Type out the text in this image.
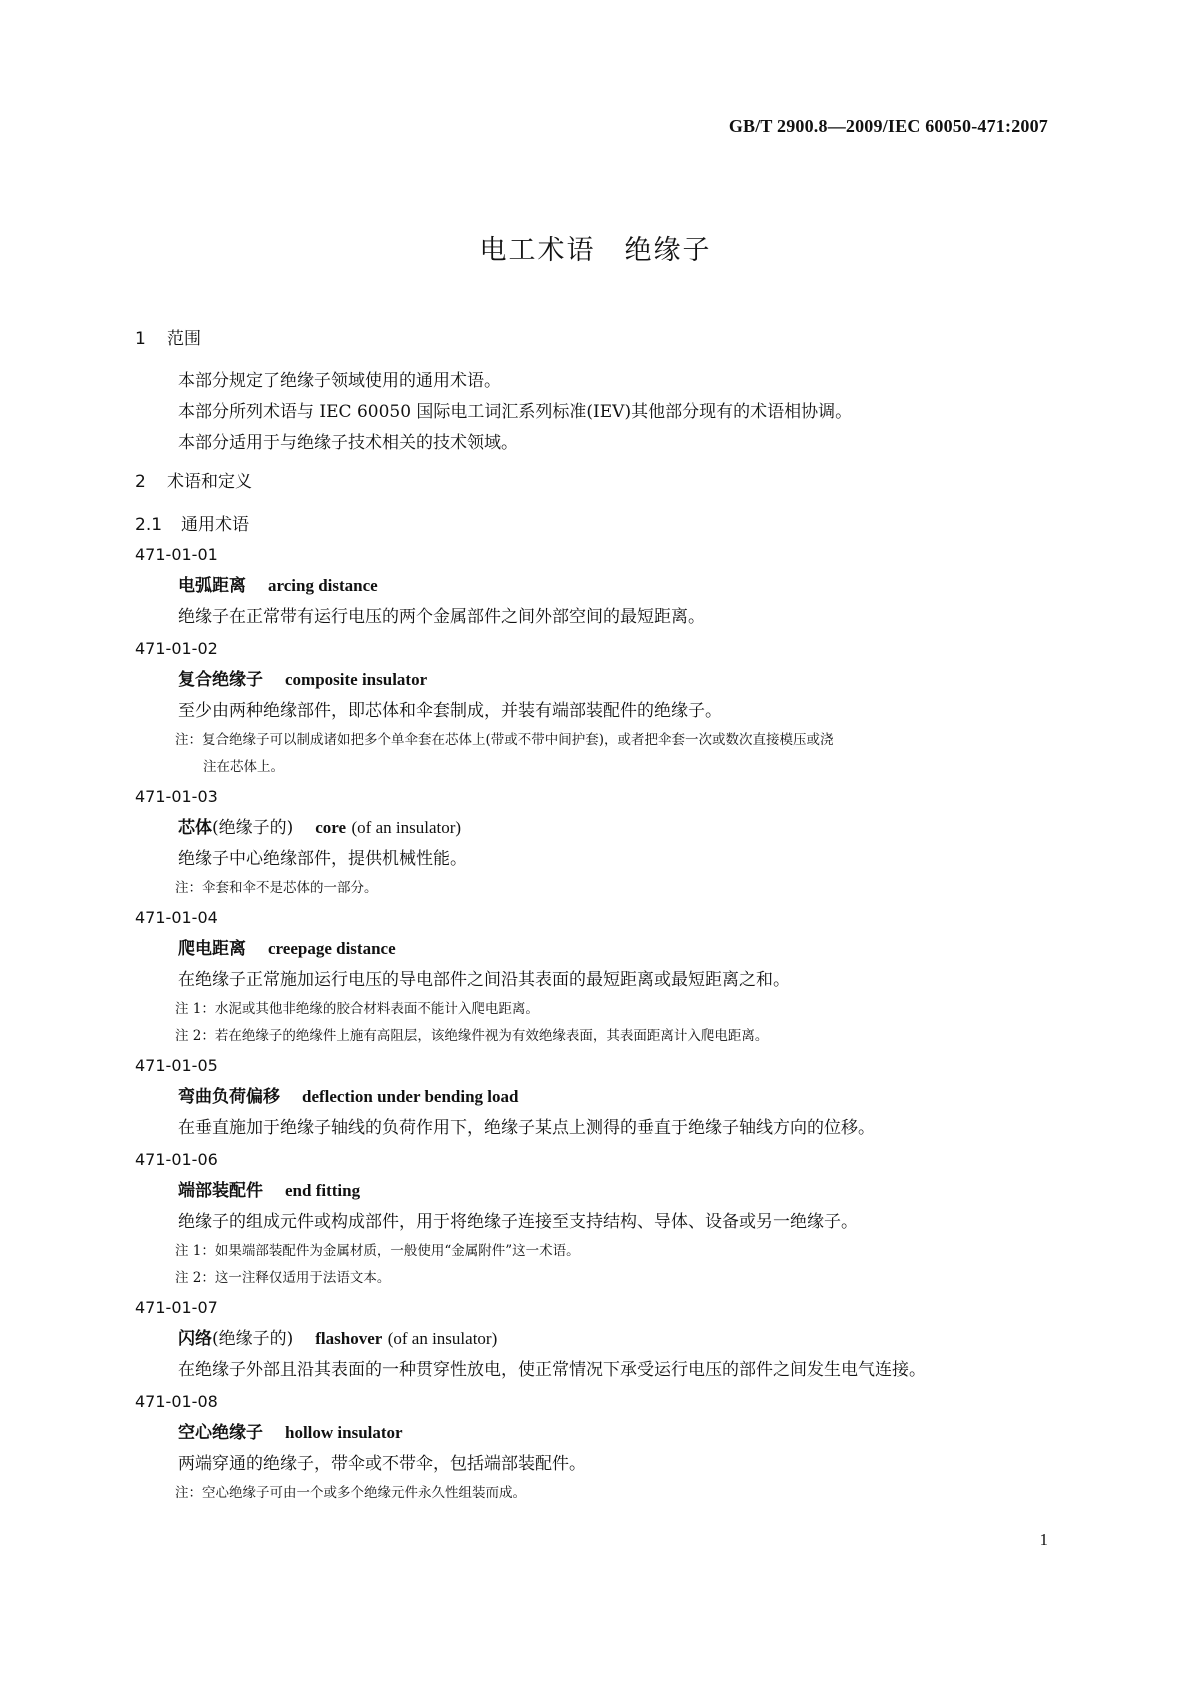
GB/T 2900.8—2009/IEC 60050-471:2007
电工术语　绝缘子
1 范围
本部分规定了绝缘子领域使用的通用术语。
本部分所列术语与 IEC 60050 国际电工词汇系列标准(IEV)其他部分现有的术语相协调。
本部分适用于与绝缘子技术相关的技术领域。
2 术语和定义
2.1 通用术语
471-01-01
电弧距离 arcing distance
绝缘子在正常带有运行电压的两个金属部件之间外部空间的最短距离。
471-01-02
复合绝缘子 composite insulator
至少由两种绝缘部件，即芯体和伞套制成，并装有端部装配件的绝缘子。
注：复合绝缘子可以制成诸如把多个单伞套在芯体上(带或不带中间护套)，或者把伞套一次或数次直接模压或浇
注在芯体上。
471-01-03
芯体(绝缘子的) core (of an insulator)
绝缘子中心绝缘部件，提供机械性能。
注：伞套和伞不是芯体的一部分。
471-01-04
爬电距离 creepage distance
在绝缘子正常施加运行电压的导电部件之间沿其表面的最短距离或最短距离之和。
注 1：水泥或其他非绝缘的胶合材料表面不能计入爬电距离。
注 2：若在绝缘子的绝缘件上施有高阻层，该绝缘件视为有效绝缘表面，其表面距离计入爬电距离。
471-01-05
弯曲负荷偏移 deflection under bending load
在垂直施加于绝缘子轴线的负荷作用下，绝缘子某点上测得的垂直于绝缘子轴线方向的位移。
471-01-06
端部装配件 end fitting
绝缘子的组成元件或构成部件，用于将绝缘子连接至支持结构、导体、设备或另一绝缘子。
注 1：如果端部装配件为金属材质，一般使用“金属附件”这一术语。
注 2：这一注释仅适用于法语文本。
471-01-07
闪络(绝缘子的) flashover (of an insulator)
在绝缘子外部且沿其表面的一种贯穿性放电，使正常情况下承受运行电压的部件之间发生电气连接。
471-01-08
空心绝缘子 hollow insulator
两端穿通的绝缘子，带伞或不带伞，包括端部装配件。
注：空心绝缘子可由一个或多个绝缘元件永久性组装而成。
1
